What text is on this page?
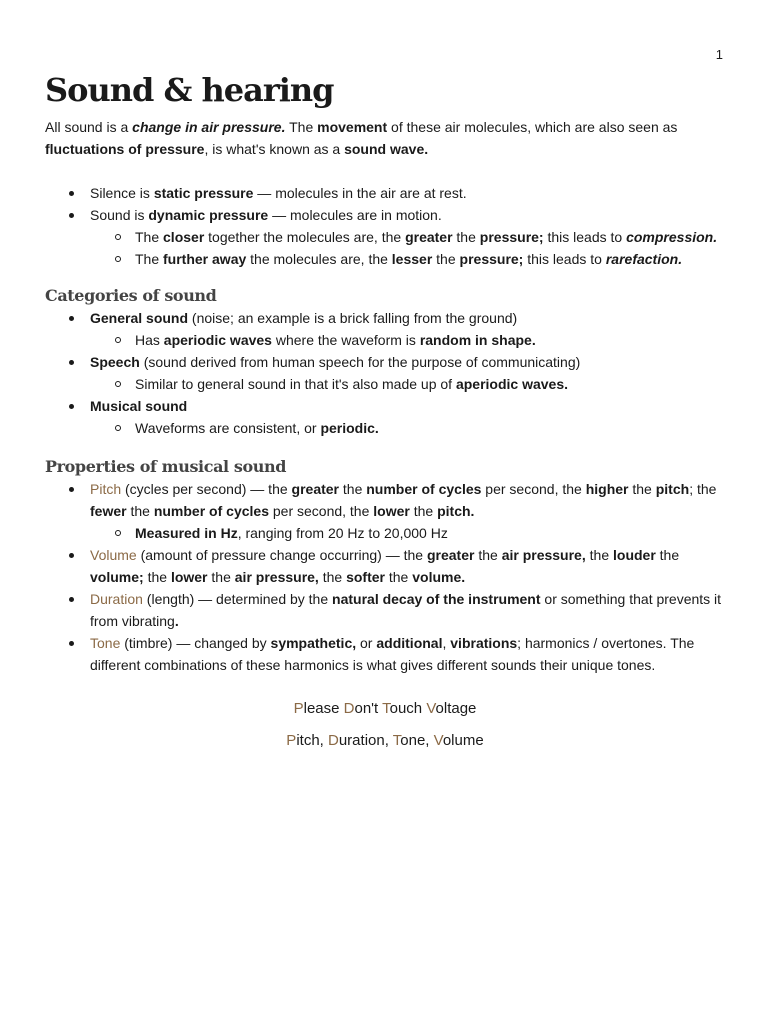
1
Sound & hearing

All sound is a change in air pressure. The movement of these air molecules, which are also seen as fluctuations of pressure, is what's known as a sound wave.

Silence is static pressure — molecules in the air are at rest.
Sound is dynamic pressure — molecules are in motion.
The closer together the molecules are, the greater the pressure; this leads to compression.
The further away the molecules are, the lesser the pressure; this leads to rarefaction.
Categories of sound
General sound (noise; an example is a brick falling from the ground)
Has aperiodic waves where the waveform is random in shape.
Speech (sound derived from human speech for the purpose of communicating)
Similar to general sound in that it's also made up of aperiodic waves.
Musical sound
Waveforms are consistent, or periodic.
Properties of musical sound
Pitch (cycles per second) — the greater the number of cycles per second, the higher the pitch; the fewer the number of cycles per second, the lower the pitch.
Measured in Hz, ranging from 20 Hz to 20,000 Hz
Volume (amount of pressure change occurring) — the greater the air pressure, the louder the volume; the lower the air pressure, the softer the volume.
Duration (length) — determined by the natural decay of the instrument or something that prevents it from vibrating.
Tone (timbre) — changed by sympathetic, or additional, vibrations; harmonics / overtones. The different combinations of these harmonics is what gives different sounds their unique tones.
Please Don't Touch Voltage
Pitch, Duration, Tone, Volume
